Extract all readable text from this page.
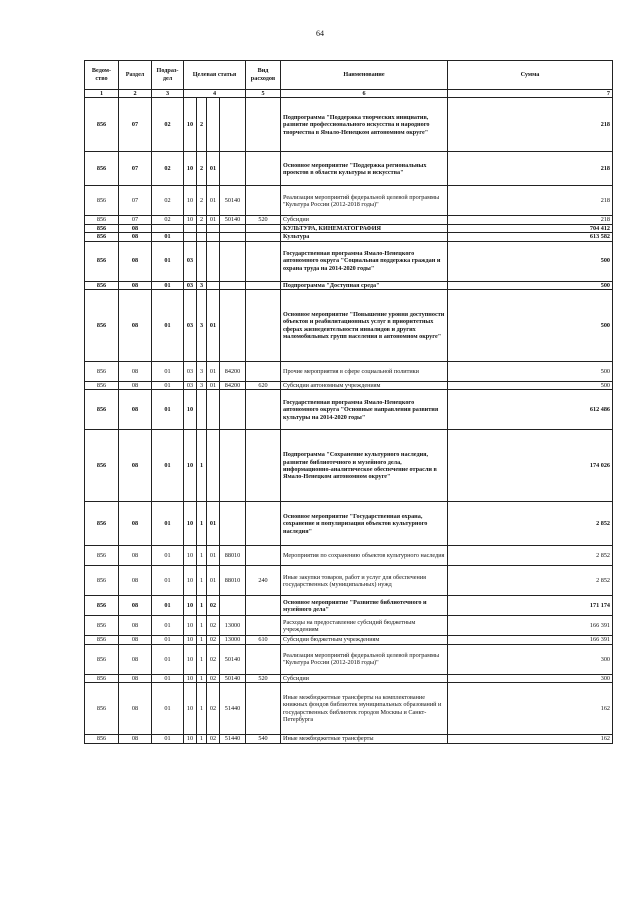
64
Ведом-ство	Раздел	Подраз-дел	Целевая статья				Вид расходов	Наименование	Сумма
1	2	3	4				5	6	7
856	07	02	10	2				Подпрограмма "Поддержка творческих инициатив, развитие профессионального искусства и народного творчества в Ямало-Ненецком автономном округе"	218
856	07	02	10	2	01			Основное мероприятие "Поддержка региональных проектов в области культуры и искусства"	218
856	07	02	10	2	01	50140		Реализация мероприятий федеральной целевой программы "Культура России (2012-2018 годы)"	218
856	07	02	10	2	01	50140	520	Субсидии	218
856	08							КУЛЬТУРА, КИНЕМАТОГРАФИЯ	704 412
856	08	01						Культура	613 582
856	08	01	03					Государственная программа Ямало-Ненецкого автономного округа "Социальная поддержка граждан и охрана труда на 2014-2020 годы"	500
856	08	01	03	3				Подпрограмма "Доступная среда"	500
856	08	01	03	3	01			Основное мероприятие "Повышение уровня доступности объектов и реабилитационных услуг в приоритетных сферах жизнедеятельности инвалидов и других маломобильных групп населения в автономном округе"	500
856	08	01	03	3	01	84200		Прочие мероприятия в сфере социальной политики	500
856	08	01	03	3	01	84200	620	Субсидии автономным учреждениям	500
856	08	01	10					Государственная программа Ямало-Ненецкого автономного округа "Основные направления развития культуры на 2014-2020 годы"	612 486
856	08	01	10	1				Подпрограмма "Сохранение культурного наследия, развитие библиотечного и музейного дела, информационно-аналитическое обеспечение отрасли в Ямало-Ненецком автономном округе"	174 026
856	08	01	10	1	01			Основное мероприятие "Государственная охрана, сохранение и популяризация объектов культурного наследия"	2 852
856	08	01	10	1	01	88010		Мероприятия по сохранению объектов культурного наследия	2 852
856	08	01	10	1	01	88010	240	Иные закупки товаров, работ и услуг для обеспечения государственных (муниципальных) нужд	2 852
856	08	01	10	1	02			Основное мероприятие "Развитие библиотечного и музейного дела"	171 174
856	08	01	10	1	02	13000		Расходы на предоставление субсидий бюджетным учреждениям	166 391
856	08	01	10	1	02	13000	610	Субсидии бюджетным учреждениям	166 391
856	08	01	10	1	02	50140		Реализация мероприятий федеральной целевой программы "Культура России (2012-2018 годы)"	300
856	08	01	10	1	02	50140	520	Субсидии	300
856	08	01	10	1	02	51440		Иные межбюджетные трансферты на комплектование книжных фондов библиотек муниципальных образований и государственных библиотек городов Москвы и Санкт-Петербурга	162
856	08	01	10	1	02	51440	540	Иные межбюджетные трансферты	162
